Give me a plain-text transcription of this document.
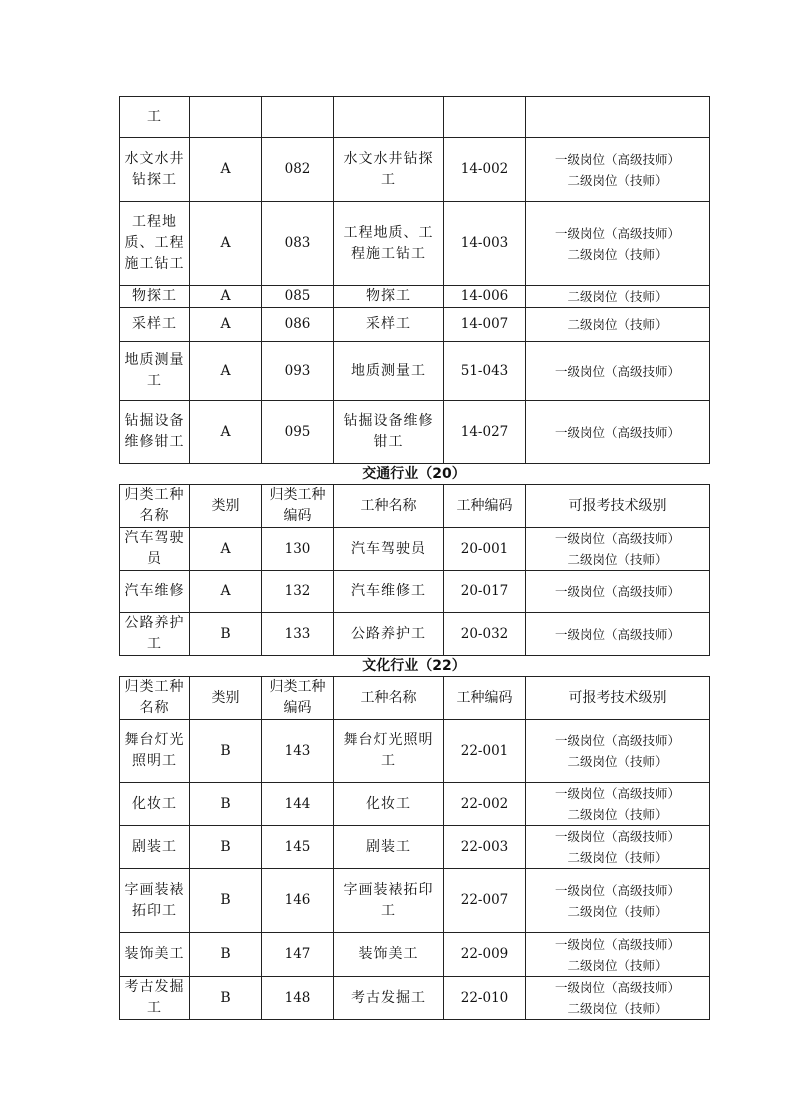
工					
水文水井钻探工	A	082	水文水井钻探工	14-002	一级岗位（高级技师）
二级岗位（技师）

工程地质、工程施工钻工	A	083	工程地质、工程施工钻工	14-003	一级岗位（高级技师）
二级岗位（技师）

物探工	A	085	物探工	14-006	二级岗位（技师）

采样工	A	086	采样工	14-007	二级岗位（技师）

地质测量工	A	093	地质测量工	51-043	一级岗位（高级技师）

钻掘设备维修钳工	A	095	钻掘设备维修钳工	14-027	一级岗位（高级技师）
交通行业（20）
归类工种名称	类别	归类工种编码	工种名称	工种编码	可报考技术级别
汽车驾驶员	A	130	汽车驾驶员	20-001	一级岗位（高级技师）
二级岗位（技师）

汽车维修	A	132	汽车维修工	20-017	一级岗位（高级技师）

公路养护工	B	133	公路养护工	20-032	一级岗位（高级技师）
文化行业（22）
归类工种名称	类别	归类工种编码	工种名称	工种编码	可报考技术级别
舞台灯光照明工	B	143	舞台灯光照明工	22-001	一级岗位（高级技师）
二级岗位（技师）

化妆工	B	144	化妆工	22-002	一级岗位（高级技师）
二级岗位（技师）

剧装工	B	145	剧装工	22-003	一级岗位（高级技师）
二级岗位（技师）

字画装裱拓印工	B	146	字画装裱拓印工	22-007	一级岗位（高级技师）
二级岗位（技师）

装饰美工	B	147	装饰美工	22-009	一级岗位（高级技师）
二级岗位（技师）

考古发掘工	B	148	考古发掘工	22-010	一级岗位（高级技师）
二级岗位（技师）
